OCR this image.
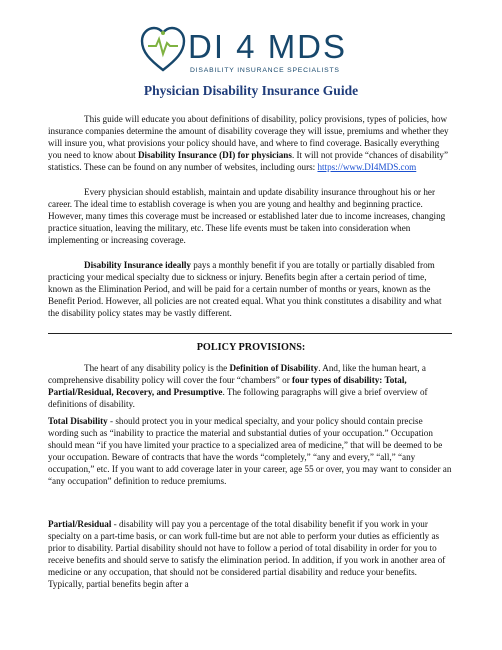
DI 4 MDS
DISABILITY INSURANCE SPECIALISTS
Physician Disability Insurance Guide
This guide will educate you about definitions of disability, policy provisions, types of policies, how insurance companies determine the amount of disability coverage they will issue, premiums and whether they will insure you, what provisions your policy should have, and where to find coverage. Basically everything you need to know about Disability Insurance (DI) for physicians. It will not provide “chances of disability” statistics. These can be found on any number of websites, including ours: https://www.DI4MDS.com
Every physician should establish, maintain and update disability insurance throughout his or her career. The ideal time to establish coverage is when you are young and healthy and beginning practice. However, many times this coverage must be increased or established later due to income increases, changing practice situation, leaving the military, etc. These life events must be taken into consideration when implementing or increasing coverage.
Disability Insurance ideally pays a monthly benefit if you are totally or partially disabled from practicing your medical specialty due to sickness or injury. Benefits begin after a certain period of time, known as the Elimination Period, and will be paid for a certain number of months or years, known as the Benefit Period. However, all policies are not created equal. What you think constitutes a disability and what the disability policy states may be vastly different.
POLICY PROVISIONS:
The heart of any disability policy is the Definition of Disability. And, like the human heart, a comprehensive disability policy will cover the four “chambers” or four types of disability: Total, Partial/Residual, Recovery, and Presumptive. The following paragraphs will give a brief overview of definitions of disability.
Total Disability - should protect you in your medical specialty, and your policy should contain precise wording such as “inability to practice the material and substantial duties of your occupation.” Occupation should mean “if you have limited your practice to a specialized area of medicine,” that will be deemed to be your occupation. Beware of contracts that have the words “completely,” “any and every,” “all,” “any occupation,” etc. If you want to add coverage later in your career, age 55 or over, you may want to consider an “any occupation” definition to reduce premiums.
Partial/Residual - disability will pay you a percentage of the total disability benefit if you work in your specialty on a part-time basis, or can work full-time but are not able to perform your duties as efficiently as prior to disability. Partial disability should not have to follow a period of total disability in order for you to receive benefits and should serve to satisfy the elimination period. In addition, if you work in another area of medicine or any occupation, that should not be considered partial disability and reduce your benefits. Typically, partial benefits begin after a
